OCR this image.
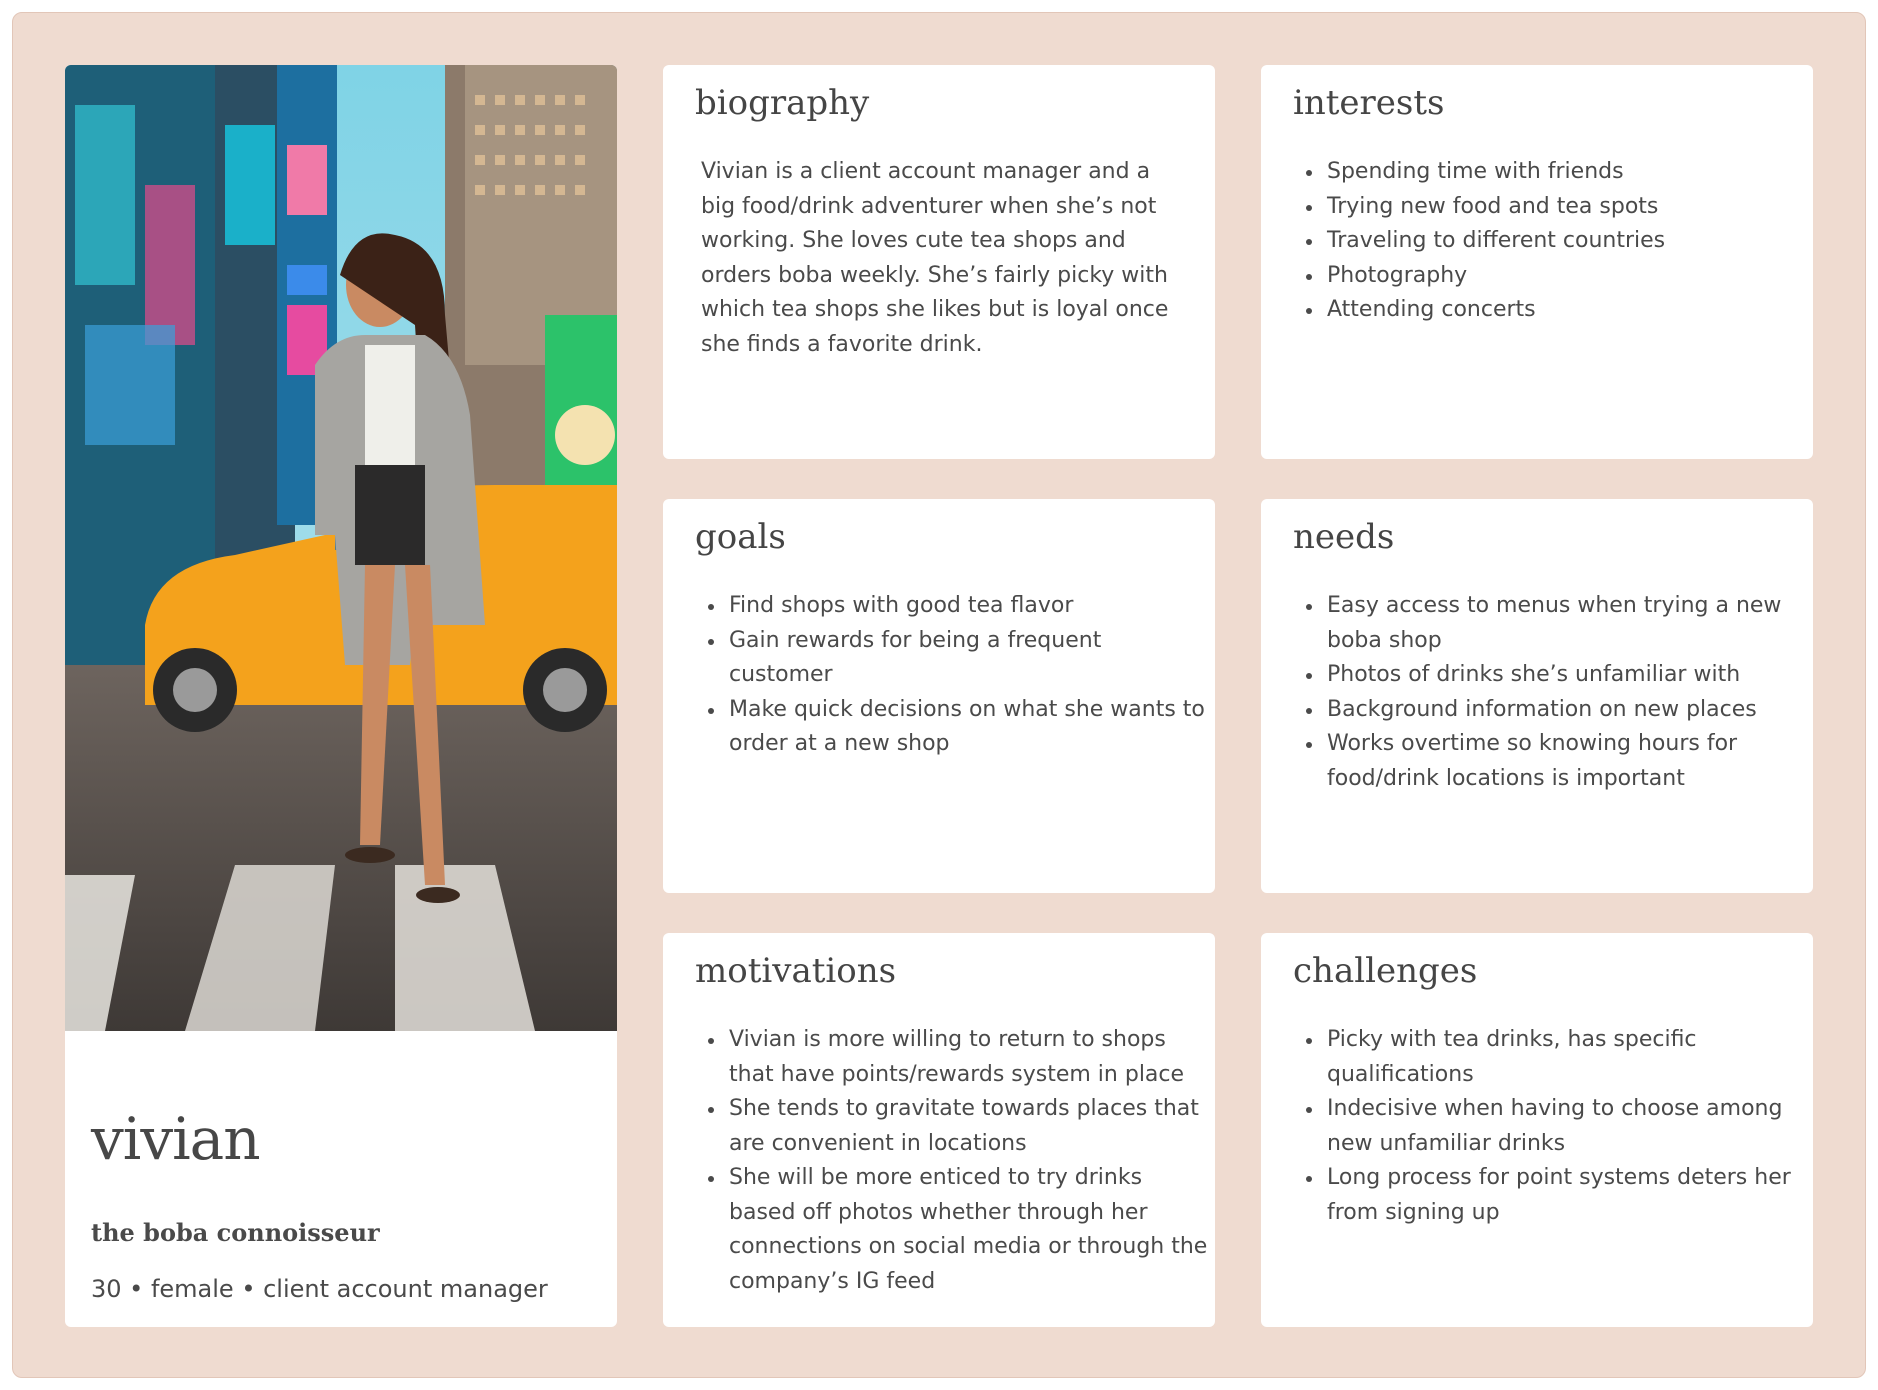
vivian
the boba connoisseur
30 • female • client account manager
biography

Vivian is a client account manager and a big food/drink adventurer when she’s not working. She loves cute tea shops and orders boba weekly. She’s fairly picky with which tea shops she likes but is loyal once she finds a favorite drink.

interests
Spending time with friends
Trying new food and tea spots
Traveling to different countries
Photography
Attending concerts
goals
Find shops with good tea flavor
Gain rewards for being a frequent customer
Make quick decisions on what she wants to order at a new shop
needs
Easy access to menus when trying a new boba shop
Photos of drinks she’s unfamiliar with
Background information on new places
Works overtime so knowing hours for food/drink locations is important
motivations
Vivian is more willing to return to shops that have points/rewards system in place
She tends to gravitate towards places that are convenient in locations
She will be more enticed to try drinks based off photos whether through her connections on social media or through the company’s IG feed
challenges
Picky with tea drinks, has specific qualifications
Indecisive when having to choose among new unfamiliar drinks
Long process for point systems deters her from signing up
